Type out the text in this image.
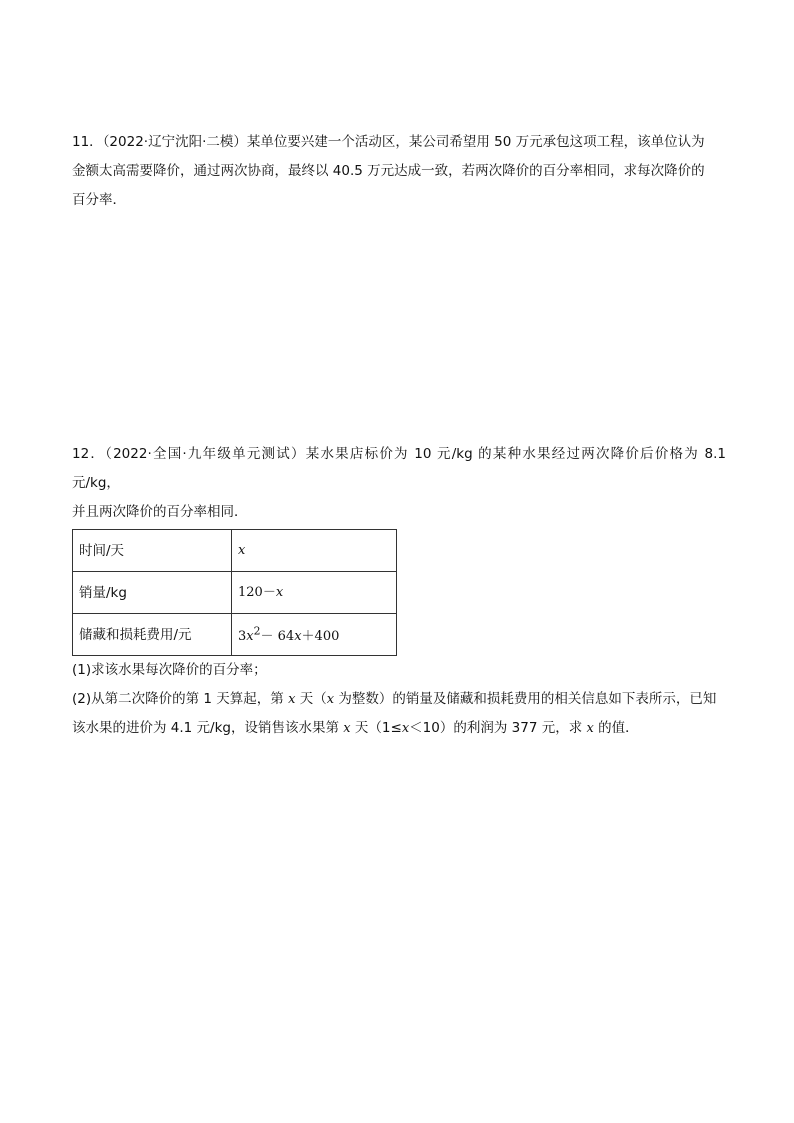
11．（2022·辽宁沈阳·二模）某单位要兴建一个活动区，某公司希望用 50 万元承包这项工程，该单位认为
金额太高需要降价，通过两次协商，最终以 40.5 万元达成一致，若两次降价的百分率相同，求每次降价的
百分率．

12．（2022·全国·九年级单元测试）某水果店标价为 10 元/kg 的某种水果经过两次降价后价格为 8.1 元/kg，
并且两次降价的百分率相同．

时间/天	x
销量/kg	120－x
储藏和损耗费用/元	$3x^2- 64x+400$

(1)求该水果每次降价的百分率；

(2)从第二次降价的第 1 天算起，第 x 天（x 为整数）的销量及储藏和损耗费用的相关信息如下表所示，已知
该水果的进价为 4.1 元/kg，设销售该水果第 x 天（1≤x＜10）的利润为 377 元，求 x 的值．
